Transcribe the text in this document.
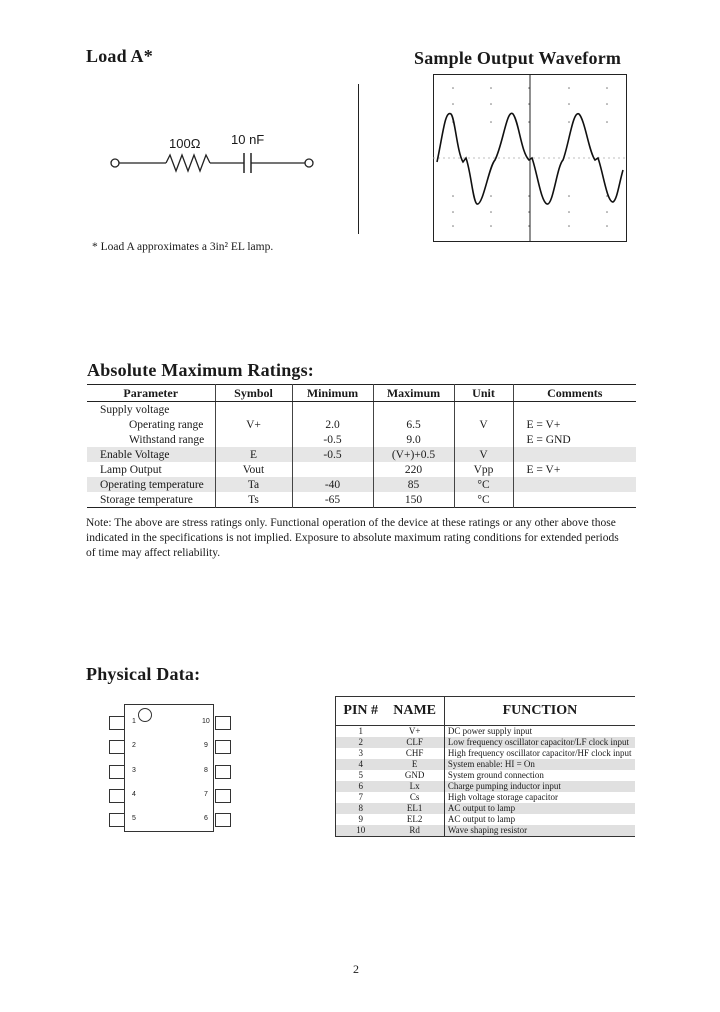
Load A*
100Ω 10 nF
* Load A approximates a 3in² EL lamp.
Sample Output Waveform
Absolute Maximum Ratings:
Parameter	Symbol	Minimum	Maximum	Unit	Comments
Supply voltage					
Operating range	V+	2.0	6.5	V	E = V+
Withstand range		-0.5	9.0		E = GND
Enable Voltage	E	-0.5	(V+)+0.5	V	
Lamp Output	Vout		220	Vpp	E = V+
Operating temperature	Ta	-40	85	°C	
Storage temperature	Ts	-65	150	°C	
Note: The above are stress ratings only. Functional operation of the device at these ratings or any other above those indicated in the specifications is not implied. Exposure to absolute maximum rating conditions for extended periods of time may affect reliability.
Physical Data:
1
2
3
4
5
10
9
8
7
6
PIN #	NAME	FUNCTION
1	V+	DC power supply input
2	CLF	Low frequency oscillator capacitor/LF clock input
3	CHF	High frequency oscillator capacitor/HF clock input
4	E	System enable: HI = On
5	GND	System ground connection
6	Lx	Charge pumping inductor input
7	Cs	High voltage storage capacitor
8	EL1	AC output to lamp
9	EL2	AC output to lamp
10	Rd	Wave shaping resistor
2
